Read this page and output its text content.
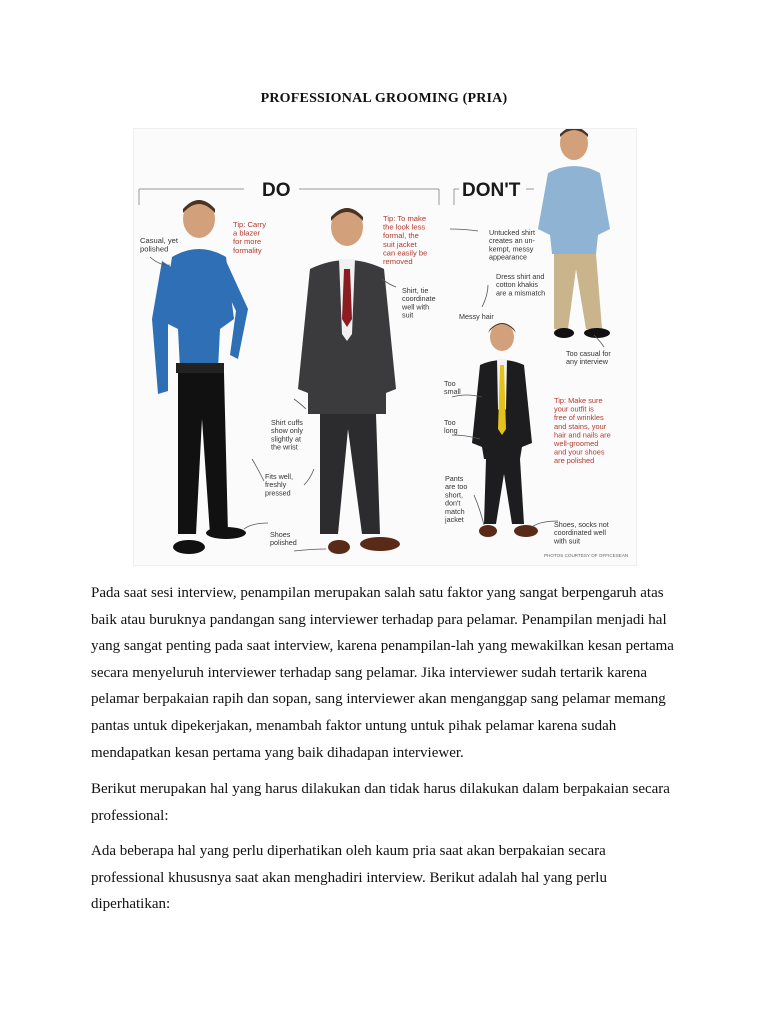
PROFESSIONAL GROOMING (PRIA)
DO	DON'T
Casual, yet polished
Tip: Carry a blazer for more formality
Tip: To make the look less formal, the suit jacket can easily be removed
Shirt, tie coordinate well with suit
Shirt cuffs show only slightly at the wrist
Fits well, freshly pressed
Shoes polished
Untucked shirt creates an un-kempt, messy appearance
Dress shirt and cotton khakis are a mismatch
Messy hair
Too casual for any interview
Too small
Too long
Tip: Make sure your outfit is free of wrinkles and stains, your hair and nails are well-groomed and your shoes are polished
Pants are too short, don't match jacket
Shoes, socks not coordinated well with suit
PHOTOS COURTESY OF OFFICESEAN

Pada saat sesi interview, penampilan merupakan salah satu faktor yang sangat berpengaruh atas baik atau buruknya pandangan sang interviewer terhadap para pelamar. Penampilan menjadi hal yang sangat penting pada saat interview, karena penampilan-lah yang mewakilkan kesan pertama secara menyeluruh interviewer terhadap sang pelamar. Jika interviewer sudah tertarik karena pelamar berpakaian rapih dan sopan, sang interviewer akan menganggap sang pelamar memang pantas untuk dipekerjakan, menambah faktor untung untuk pihak pelamar karena sudah mendapatkan kesan pertama yang baik dihadapan interviewer.

Berikut merupakan hal yang harus dilakukan dan tidak harus dilakukan dalam berpakaian secara professional:

Ada beberapa hal yang perlu diperhatikan oleh kaum pria saat akan berpakaian secara professional khususnya saat akan menghadiri interview. Berikut adalah hal yang perlu diperhatikan:
